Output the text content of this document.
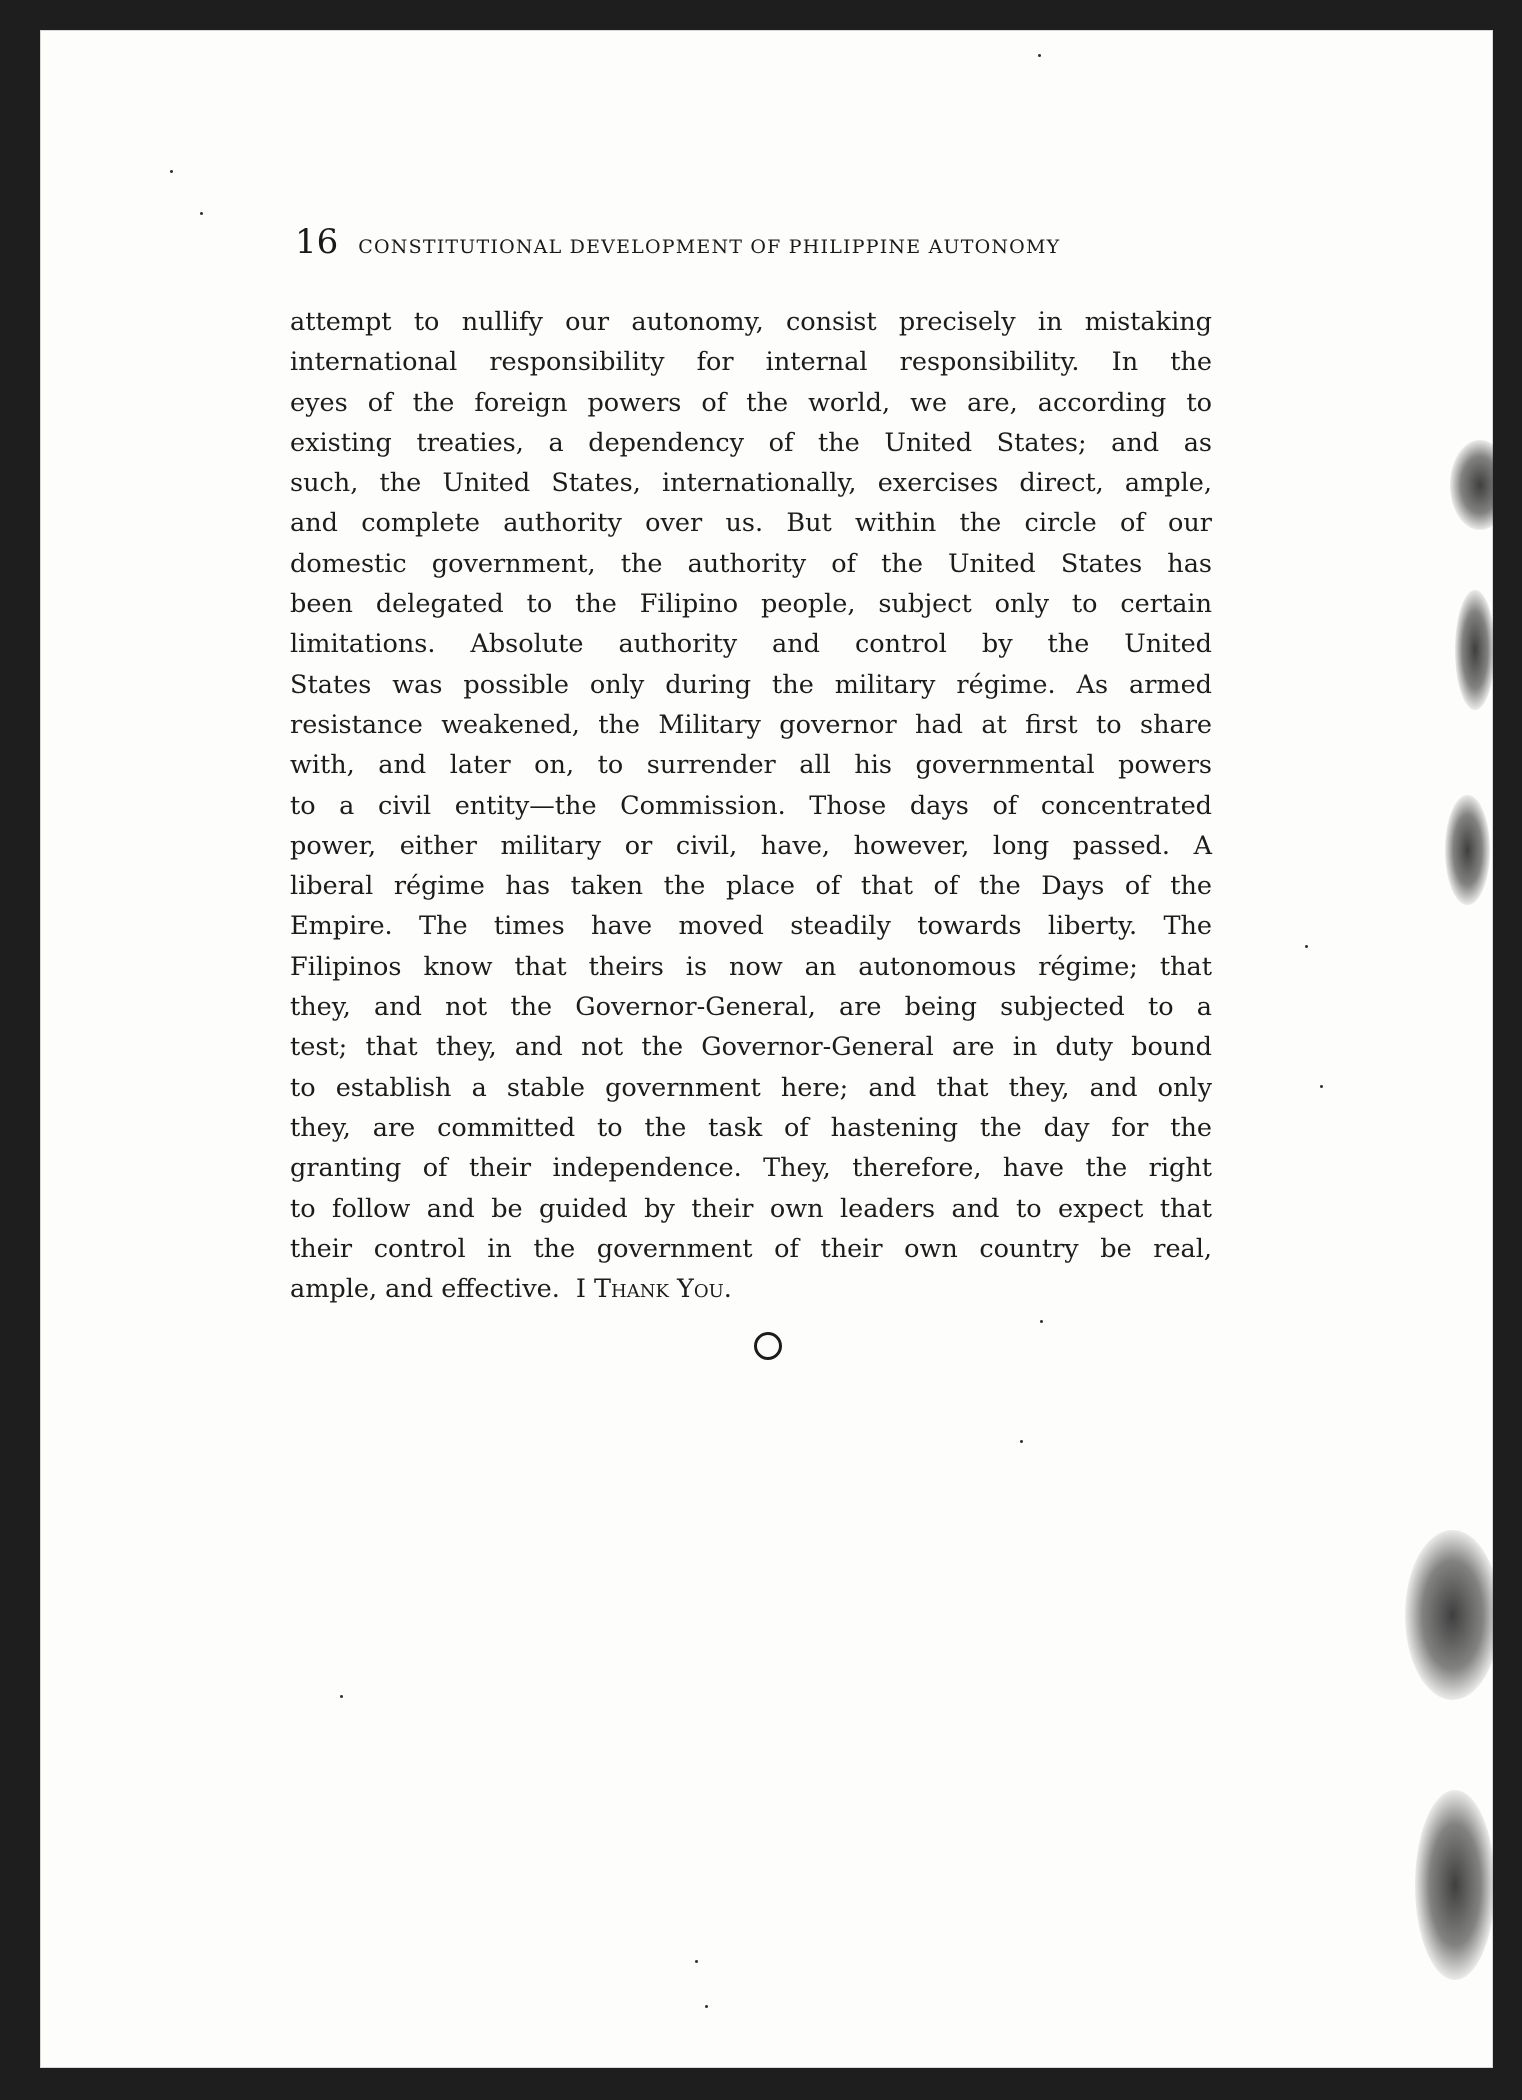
16 CONSTITUTIONAL DEVELOPMENT OF PHILIPPINE AUTONOMY
attempt to nullify our autonomy, consist precisely in mistaking
international responsibility for internal responsibility. In the
eyes of the foreign powers of the world, we are, according to
existing treaties, a dependency of the United States; and as
such, the United States, internationally, exercises direct, ample,
and complete authority over us. But within the circle of our
domestic government, the authority of the United States has
been delegated to the Filipino people, subject only to certain
limitations. Absolute authority and control by the United
States was possible only during the military régime. As armed
resistance weakened, the Military governor had at first to share
with, and later on, to surrender all his governmental powers
to a civil entity—the Commission. Those days of concentrated
power, either military or civil, have, however, long passed. A
liberal régime has taken the place of that of the Days of the
Empire. The times have moved steadily towards liberty. The
Filipinos know that theirs is now an autonomous régime; that
they, and not the Governor-General, are being subjected to a
test; that they, and not the Governor-General are in duty bound
to establish a stable government here; and that they, and only
they, are committed to the task of hastening the day for the
granting of their independence. They, therefore, have the right
to follow and be guided by their own leaders and to expect that
their control in the government of their own country be real,
ample, and effective. I Thank You.
